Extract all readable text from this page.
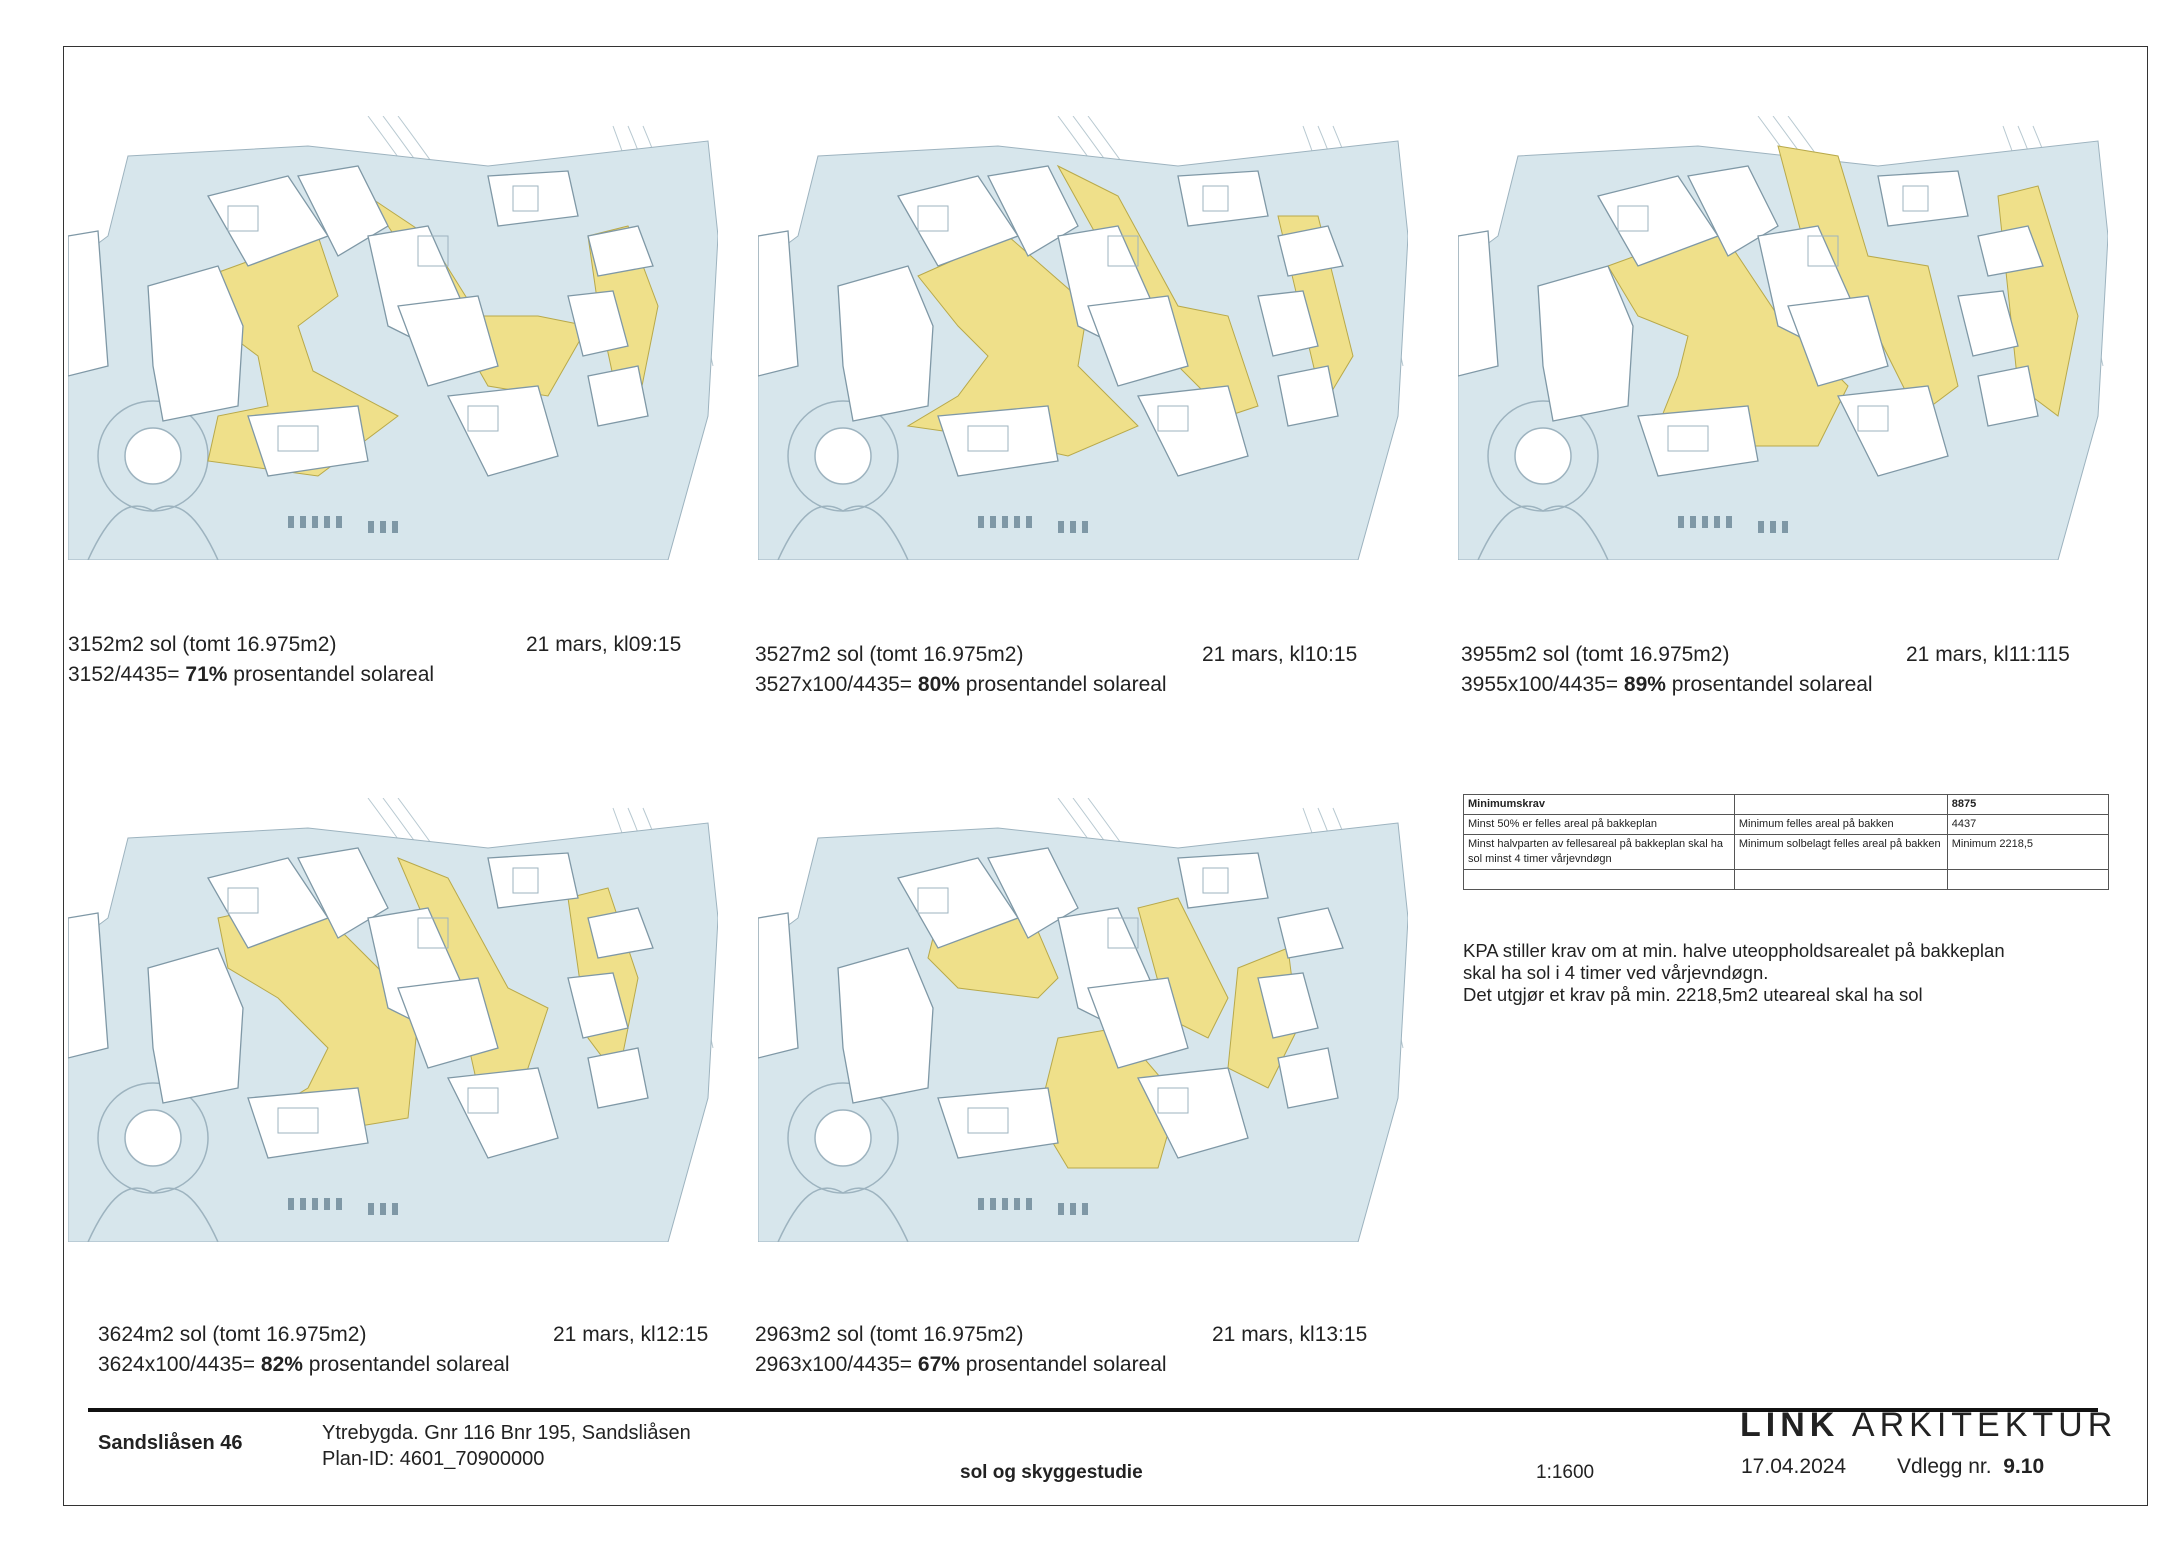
3152m2 sol (tomt 16.975m2)
3152/4435= 71% prosentandel solareal
21 mars, kl09:15	3527m2 sol (tomt 16.975m2)
3527x100/4435= 80% prosentandel solareal
21 mars, kl10:15	3955m2 sol (tomt 16.975m2)
3955x100/4435= 89% prosentandel solareal
21 mars, kl11:115
3624m2 sol (tomt 16.975m2)
3624x100/4435= 82% prosentandel solareal
21 mars, kl12:15 2963m2 sol (tomt 16.975m2)
2963x100/4435= 67% prosentandel solareal
21 mars, kl13:15
Minimumskrav		8875
Minst 50% er felles areal på bakkeplan	Minimum felles areal på bakken	4437
Minst halvparten av fellesareal på bakkeplan skal ha sol minst 4 timer vårjevndøgn	Minimum solbelagt felles areal på bakken	Minimum 2218,5

KPA stiller krav om at min. halve uteoppholdsarealet på bakkeplan
skal ha sol i 4 timer ved vårjevndøgn.
Det utgjør et krav på min. 2218,5m2 uteareal skal ha sol
Sandsliåsen 46	Ytrebygda. Gnr 116 Bnr 195, Sandsliåsen
Plan-ID: 4601_70900000
sol og skyggestudie	1:1600	17.04.2024 Vdlegg nr. 9.10
LINK ARKITEKTUR
